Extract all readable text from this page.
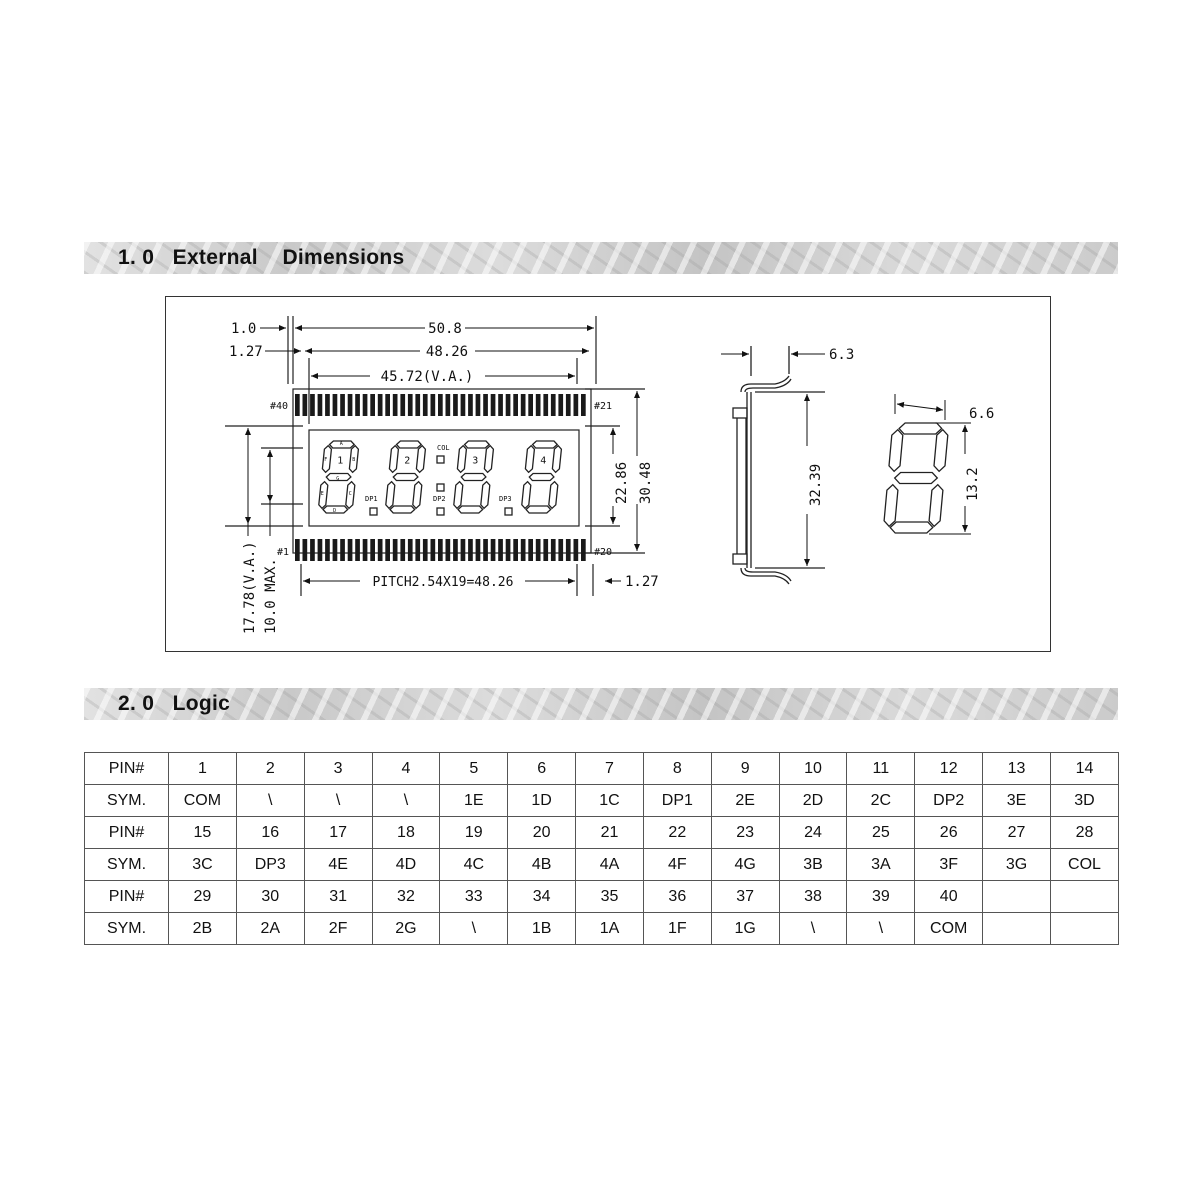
1. 0 External    Dimensions
50.8
48.26
45.72(V.A.)
1.0
1.27
PITCH2.54X19=48.26	1.27
17.78(V.A.) 10.0 MAX.
22.86 30.48
#40	#21
#1	#20
1
A
B
C
D
E
F
G
2	3	4
COL
DP1	DP2	DP3
6.3
32.39
6.6
13.2
2. 0 Logic
PIN#	1	2	3	4	5	6	7	8	9	10	11	12	13	14
SYM.	COM	\	\	\	1E	1D	1C	DP1	2E	2D	2C	DP2	3E	3D
PIN#	15	16	17	18	19	20	21	22	23	24	25	26	27	28
SYM.	3C	DP3	4E	4D	4C	4B	4A	4F	4G	3B	3A	3F	3G	COL
PIN#	29	30	31	32	33	34	35	36	37	38	39	40		
SYM.	2B	2A	2F	2G	\	1B	1A	1F	1G	\	\	COM		
